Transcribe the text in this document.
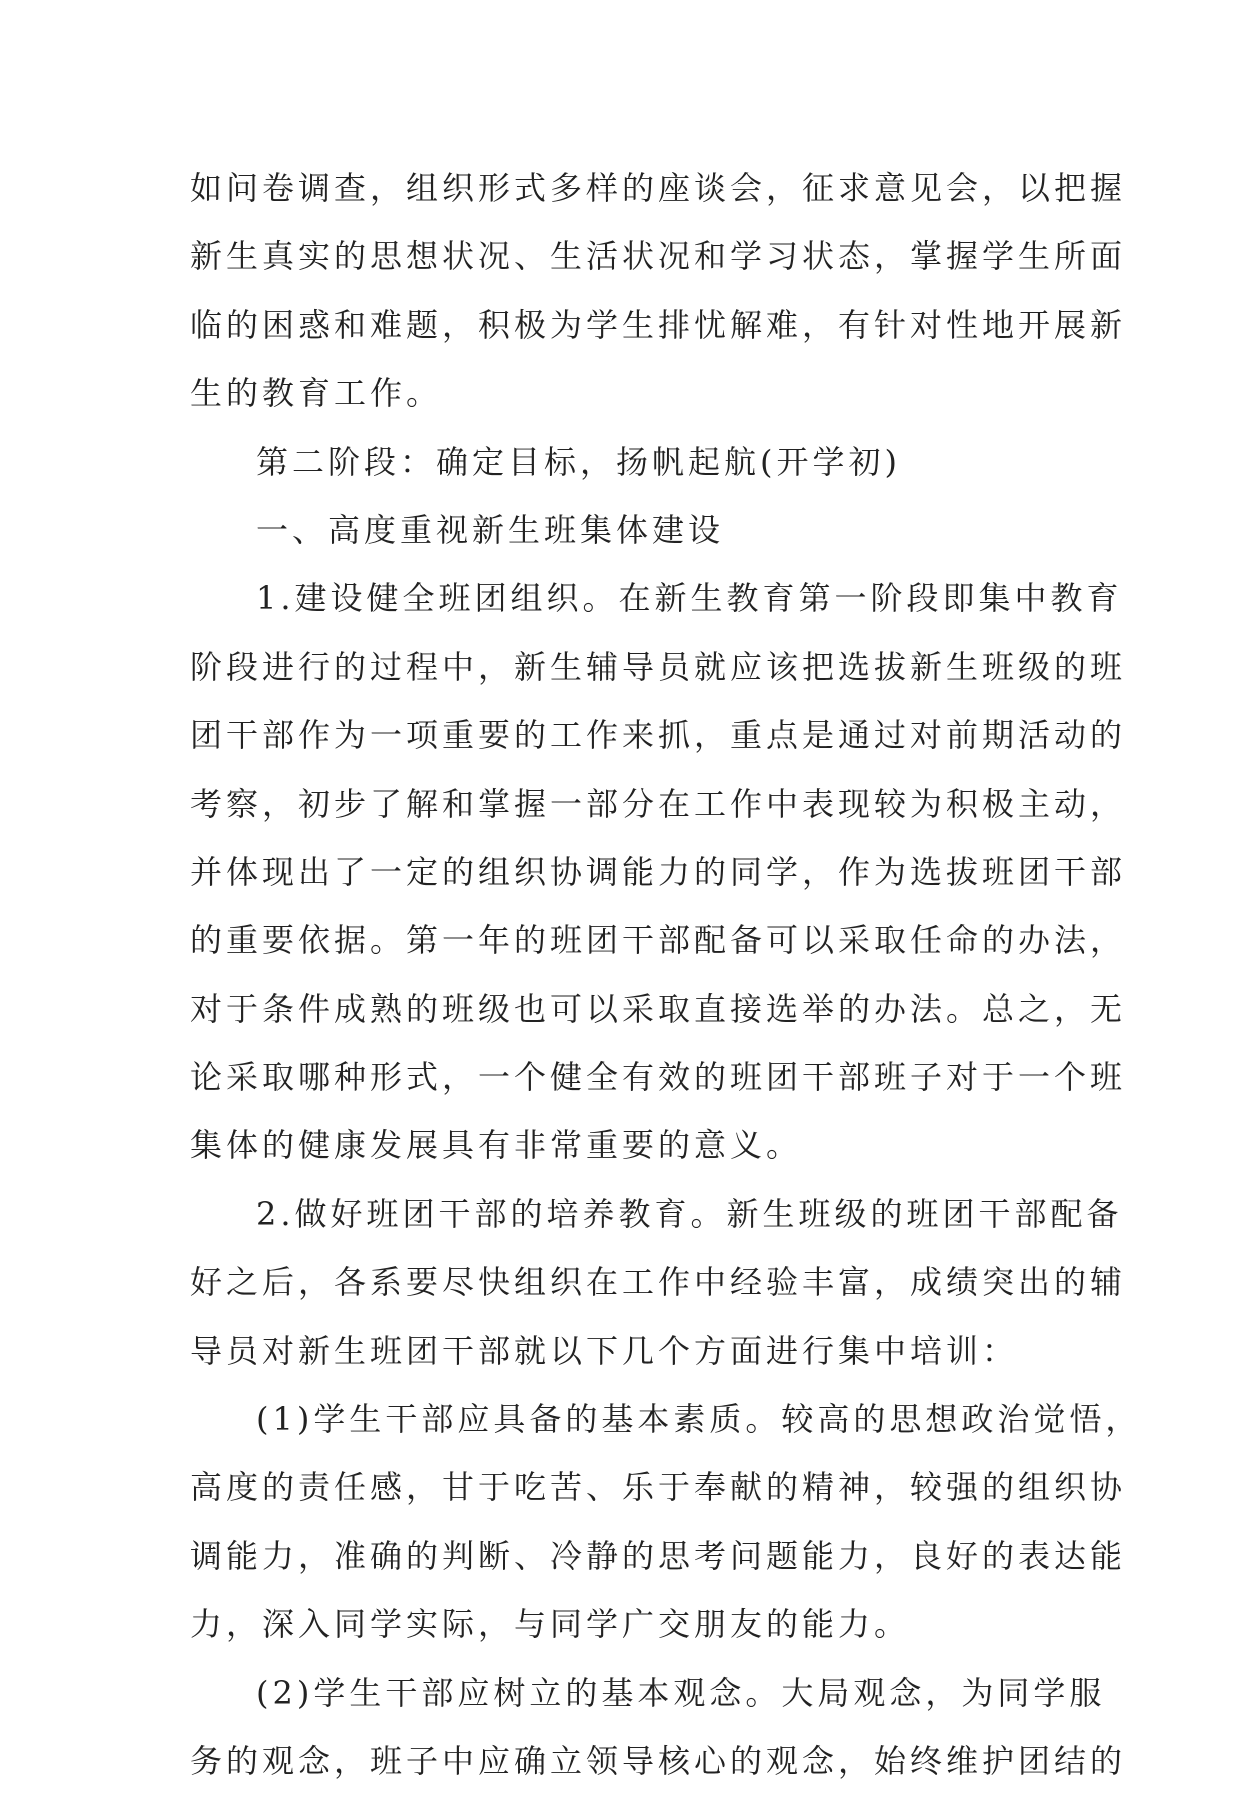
如问卷调查，组织形式多样的座谈会，征求意见会，以把握
新生真实的思想状况、生活状况和学习状态，掌握学生所面
临的困惑和难题，积极为学生排忧解难，有针对性地开展新
生的教育工作。
第二阶段：确定目标，扬帆起航(开学初)
一、高度重视新生班集体建设
1.建设健全班团组织。在新生教育第一阶段即集中教育
阶段进行的过程中，新生辅导员就应该把选拔新生班级的班
团干部作为一项重要的工作来抓，重点是通过对前期活动的
考察，初步了解和掌握一部分在工作中表现较为积极主动，
并体现出了一定的组织协调能力的同学，作为选拔班团干部
的重要依据。第一年的班团干部配备可以采取任命的办法，
对于条件成熟的班级也可以采取直接选举的办法。总之，无
论采取哪种形式，一个健全有效的班团干部班子对于一个班
集体的健康发展具有非常重要的意义。
2.做好班团干部的培养教育。新生班级的班团干部配备
好之后，各系要尽快组织在工作中经验丰富，成绩突出的辅
导员对新生班团干部就以下几个方面进行集中培训：
(1)学生干部应具备的基本素质。较高的思想政治觉悟，
高度的责任感，甘于吃苦、乐于奉献的精神，较强的组织协
调能力，准确的判断、冷静的思考问题能力，良好的表达能
力，深入同学实际，与同学广交朋友的能力。
(2)学生干部应树立的基本观念。大局观念，为同学服
务的观念，班子中应确立领导核心的观念，始终维护团结的
